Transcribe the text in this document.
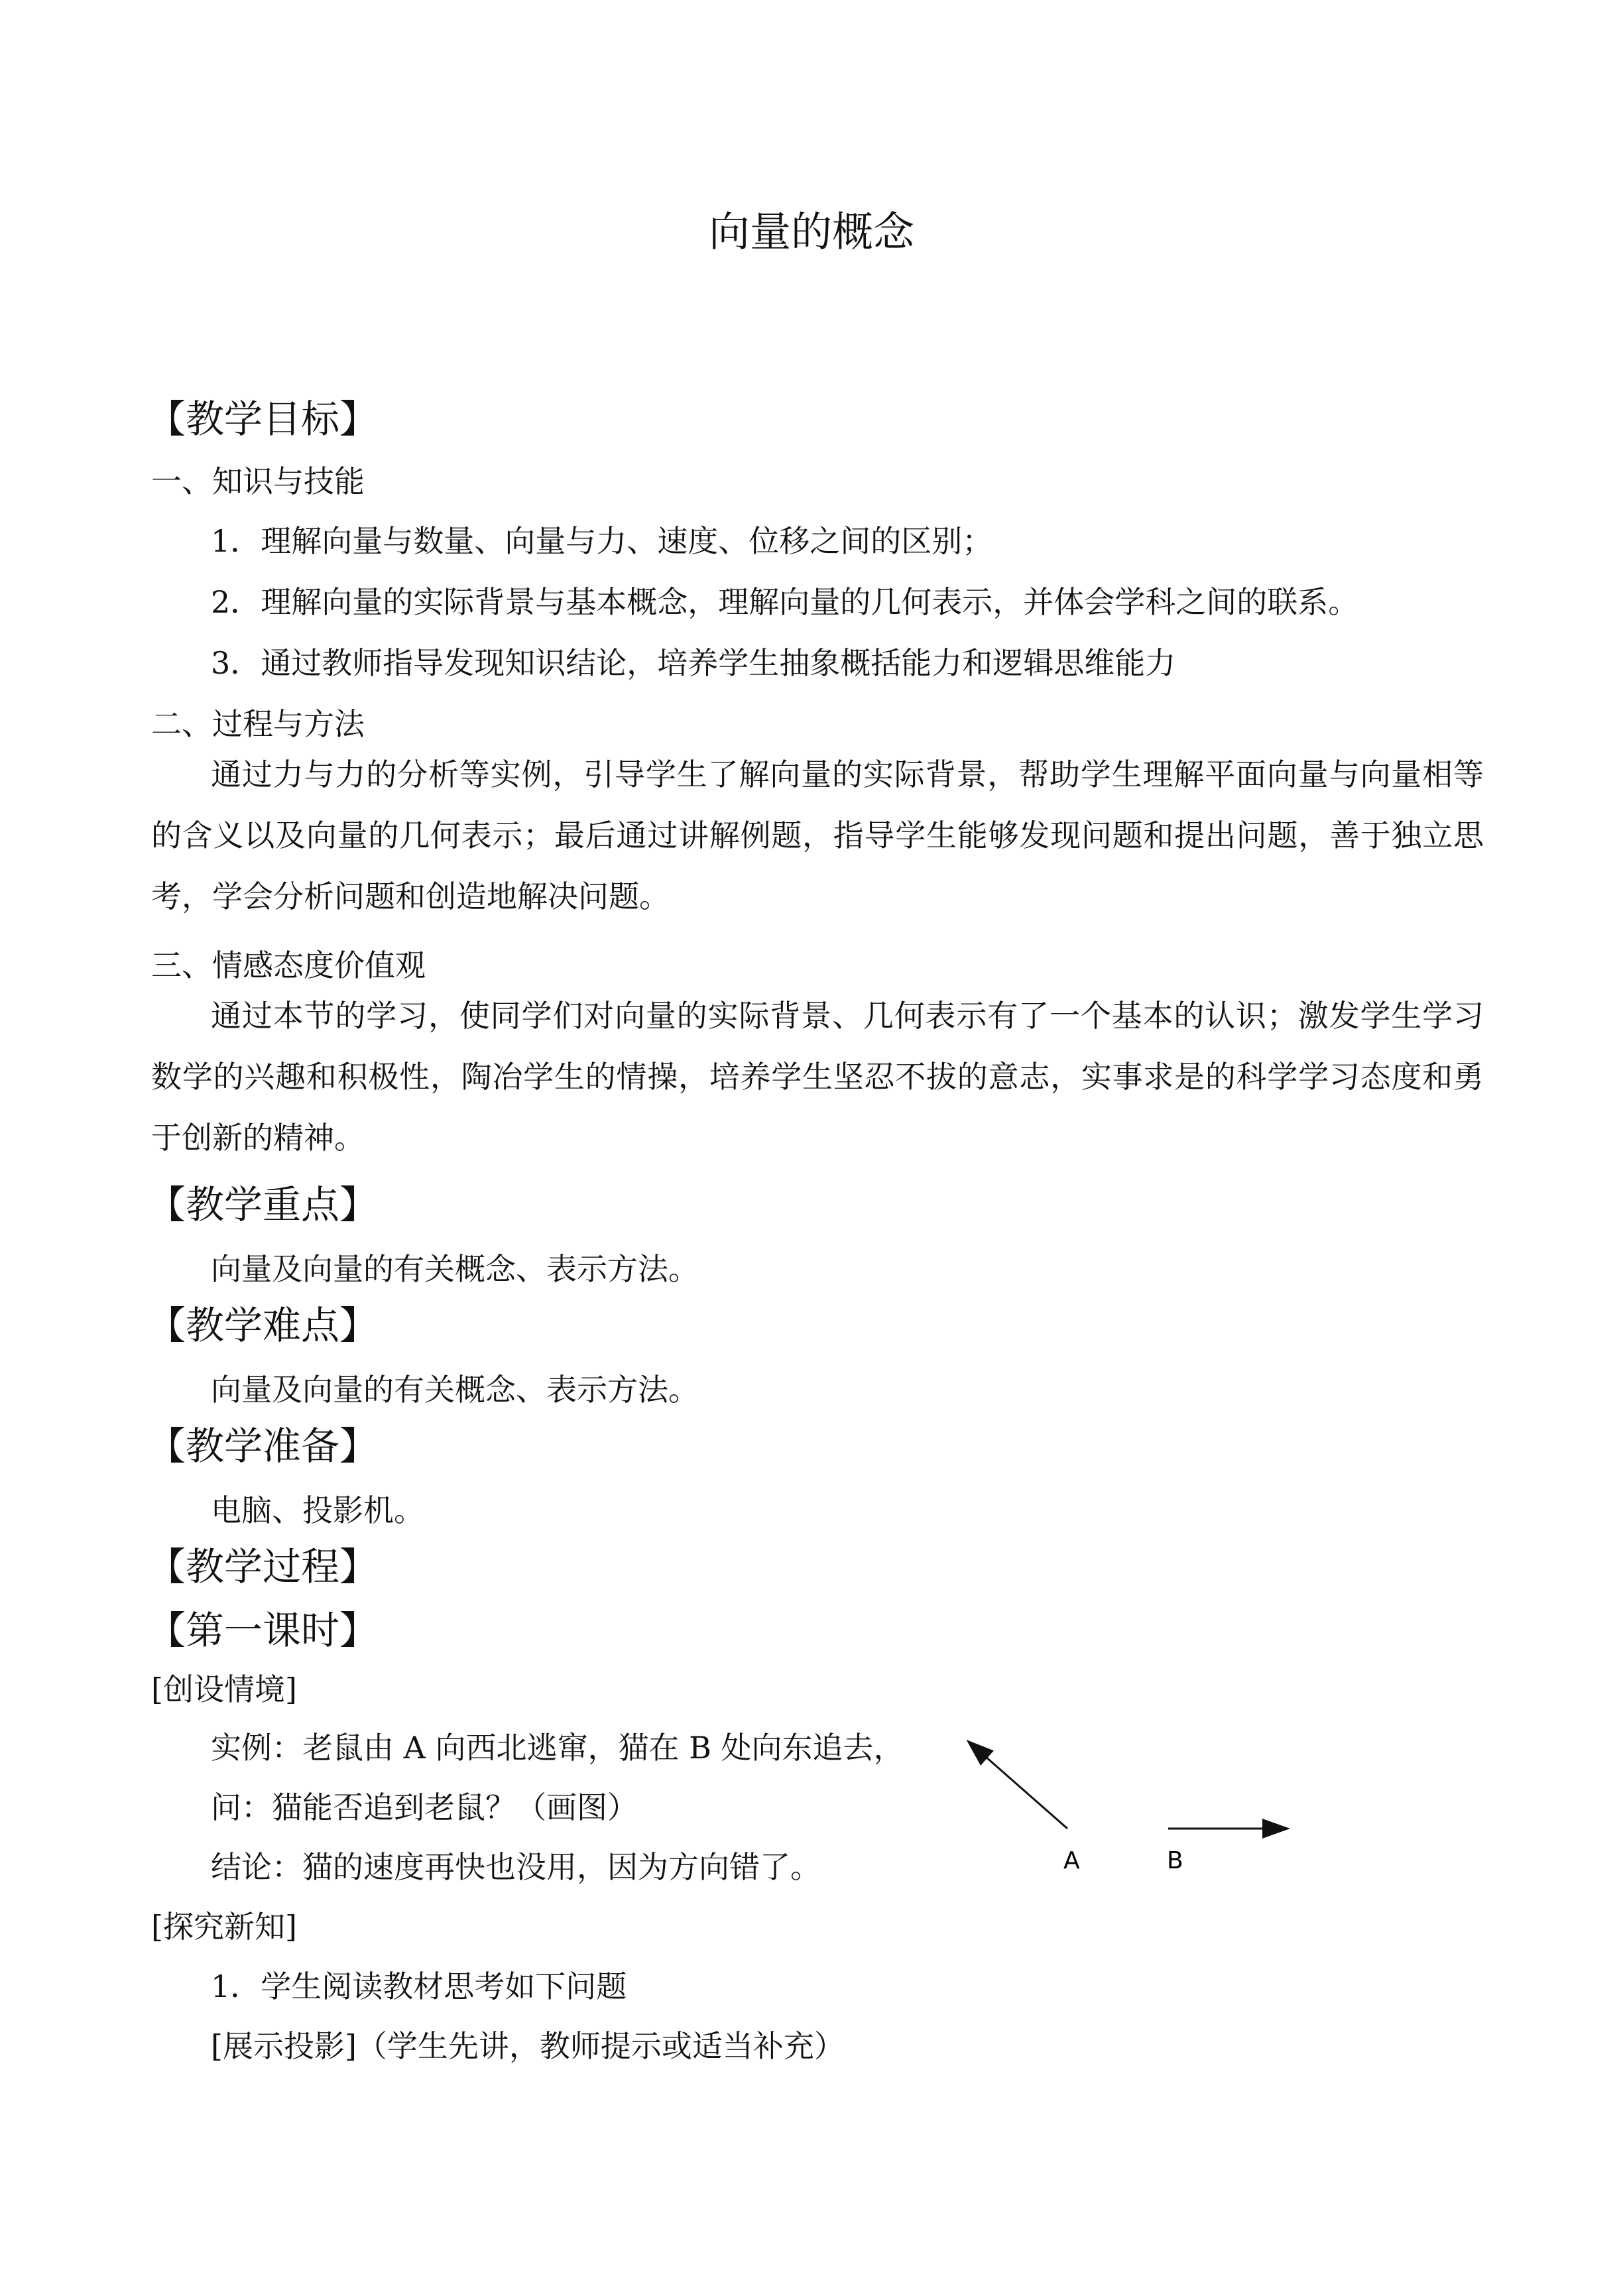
向量的概念
【教学目标】
一、知识与技能
1．理解向量与数量、向量与力、速度、位移之间的区别；
2．理解向量的实际背景与基本概念，理解向量的几何表示，并体会学科之间的联系。
3．通过教师指导发现知识结论，培养学生抽象概括能力和逻辑思维能力
二、过程与方法
通过力与力的分析等实例，引导学生了解向量的实际背景，帮助学生理解平面向量与向量相等的含义以及向量的几何表示；最后通过讲解例题，指导学生能够发现问题和提出问题，善于独立思考，学会分析问题和创造地解决问题。
三、情感态度价值观
通过本节的学习，使同学们对向量的实际背景、几何表示有了一个基本的认识；激发学生学习数学的兴趣和积极性，陶冶学生的情操，培养学生坚忍不拔的意志，实事求是的科学学习态度和勇于创新的精神。
【教学重点】
向量及向量的有关概念、表示方法。
【教学难点】
向量及向量的有关概念、表示方法。
【教学准备】
电脑、投影机。
【教学过程】
【第一课时】
[创设情境]
实例：老鼠由 A 向西北逃窜，猫在 B 处向东追去，
问：猫能否追到老鼠？（画图）
结论：猫的速度再快也没用，因为方向错了。	A	B
[探究新知]
1．学生阅读教材思考如下问题
[展示投影]（学生先讲，教师提示或适当补充）
